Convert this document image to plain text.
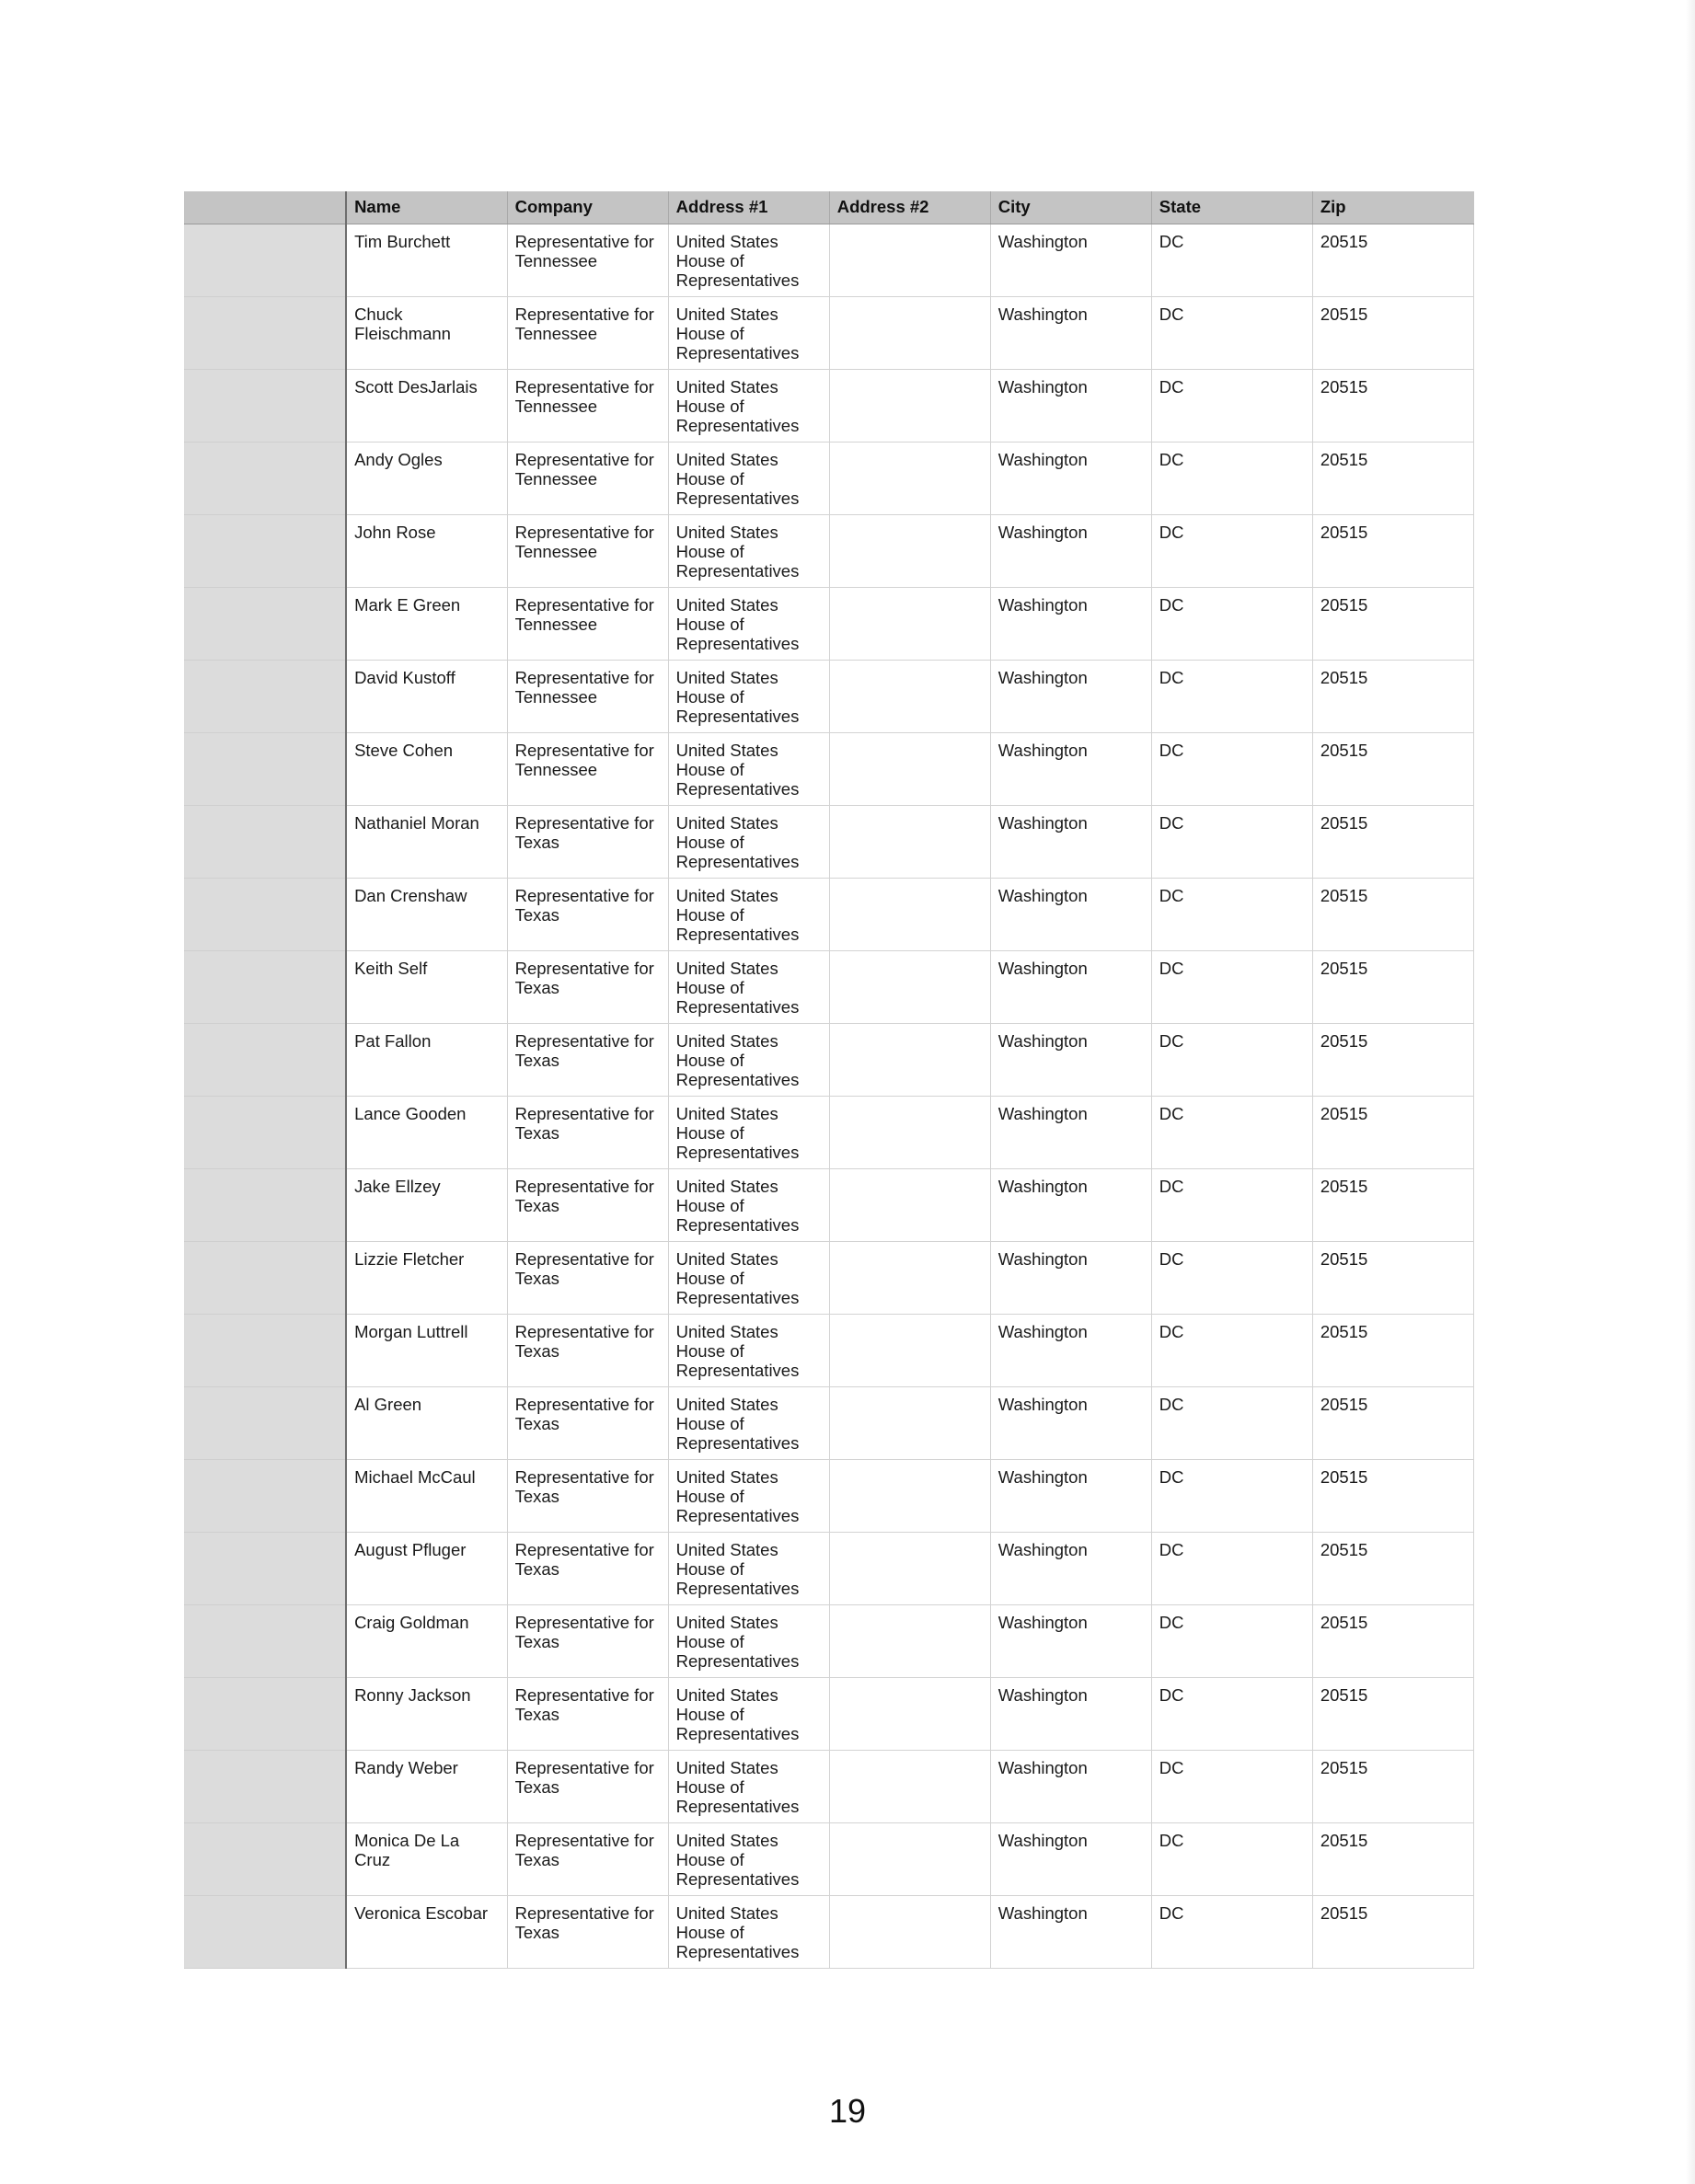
	Name	Company	Address #1	Address #2	City	State	Zip
	Tim Burchett	Representative for Tennessee	United States House of Representatives		Washington	DC	20515
	Chuck Fleischmann	Representative for Tennessee	United States House of Representatives		Washington	DC	20515
	Scott DesJarlais	Representative for Tennessee	United States House of Representatives		Washington	DC	20515
	Andy Ogles	Representative for Tennessee	United States House of Representatives		Washington	DC	20515
	John Rose	Representative for Tennessee	United States House of Representatives		Washington	DC	20515
	Mark E Green	Representative for Tennessee	United States House of Representatives		Washington	DC	20515
	David Kustoff	Representative for Tennessee	United States House of Representatives		Washington	DC	20515
	Steve Cohen	Representative for Tennessee	United States House of Representatives		Washington	DC	20515
	Nathaniel Moran	Representative for Texas	United States House of Representatives		Washington	DC	20515
	Dan Crenshaw	Representative for Texas	United States House of Representatives		Washington	DC	20515
	Keith Self	Representative for Texas	United States House of Representatives		Washington	DC	20515
	Pat Fallon	Representative for Texas	United States House of Representatives		Washington	DC	20515
	Lance Gooden	Representative for Texas	United States House of Representatives		Washington	DC	20515
	Jake Ellzey	Representative for Texas	United States House of Representatives		Washington	DC	20515
	Lizzie Fletcher	Representative for Texas	United States House of Representatives		Washington	DC	20515
	Morgan Luttrell	Representative for Texas	United States House of Representatives		Washington	DC	20515
	Al Green	Representative for Texas	United States House of Representatives		Washington	DC	20515
	Michael McCaul	Representative for Texas	United States House of Representatives		Washington	DC	20515
	August Pfluger	Representative for Texas	United States House of Representatives		Washington	DC	20515
	Craig Goldman	Representative for Texas	United States House of Representatives		Washington	DC	20515
	Ronny Jackson	Representative for Texas	United States House of Representatives		Washington	DC	20515
	Randy Weber	Representative for Texas	United States House of Representatives		Washington	DC	20515
	Monica De La Cruz	Representative for Texas	United States House of Representatives		Washington	DC	20515
	Veronica Escobar	Representative for Texas	United States House of Representatives		Washington	DC	20515
19
